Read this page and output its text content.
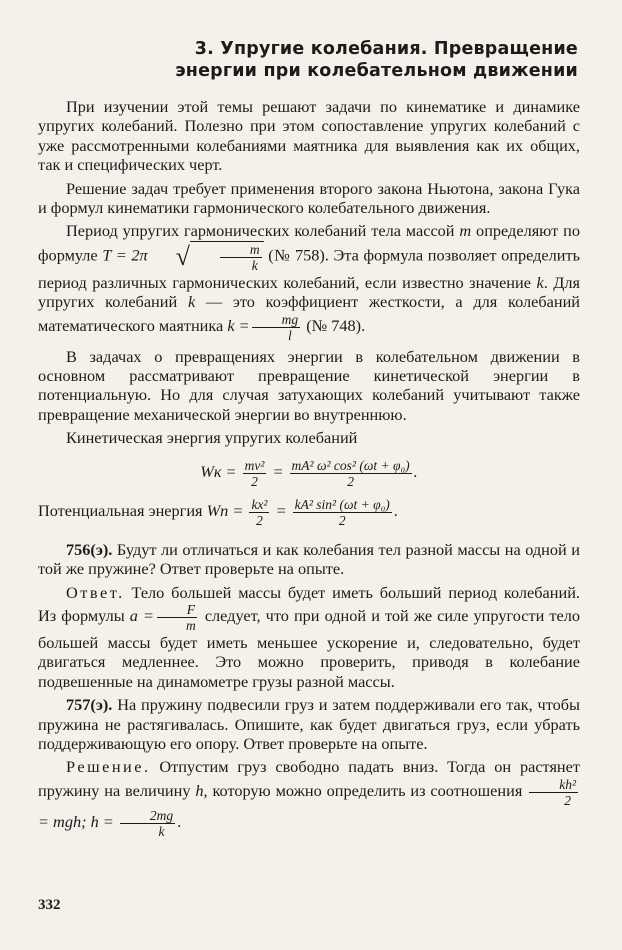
3. Упругие колебания. Превращение
энергии при колебательном движении

При изучении этой темы решают задачи по кинематике и динамике упругих колебаний. Полезно при этом сопоставление упругих колебаний с уже рассмотренными колебаниями маятника для выявления как их общих, так и специфических черт.

Решение задач требует применения второго закона Ньютона, закона Гука и формул кинематики гармонического колебательного движения.

Период упругих гармонических колебаний тела массой m определяют по формуле T = 2π	√ $\frac{m}{k}$ (№ 758). Эта формула позволяет определить период различных гармонических колебаний, если известно значение k. Для упругих колебаний k — это коэффициент жесткости, а для колебаний математического маятника $k = \frac{mg}{l}$ (№ 748).

В задачах о превращениях энергии в колебательном движении в основном рассматривают превращение кинетической энергии в потенциальную. Но для случая затухающих колебаний учитывают также превращение механической энергии во внутреннюю.

Кинетическая энергия упругих колебаний

Wк = $\frac{\text{mv²}}{2} = \frac{\text{mA² ω² cos² (ωt + φ₀)}}{2}$ .

Потенциальная энергия Wп = $\frac{\text{kx²}}{2} = \frac{\text{kA² sin² (ωt + φ₀)}}{2}$ .

756(э). Будут ли отличаться и как колебания тел разной массы на одной и той же пружине? Ответ проверьте на опыте.

Ответ. Тело большей массы будет иметь больший период колебаний. Из формулы $a = \frac{F}{m}$ следует, что при одной и той же силе упругости тело большей массы будет иметь меньшее ускорение и, следовательно, будет двигаться медленнее. Это можно проверить, приводя в колебание подвешенные на динамометре грузы разной массы.

757(э). На пружину подвесили груз и затем поддерживали его так, чтобы пружина не растягивалась. Опишите, как будет двигаться груз, если убрать поддерживающую его опору. Ответ проверьте на опыте.

Решение. Отпустим груз свободно падать вниз. Тогда он растянет пружину на величину h, которую можно определить из соотношения $\frac{\text{kh²}}{2}$
= mgh; $h = \frac{2mg}{k}$ .

332
